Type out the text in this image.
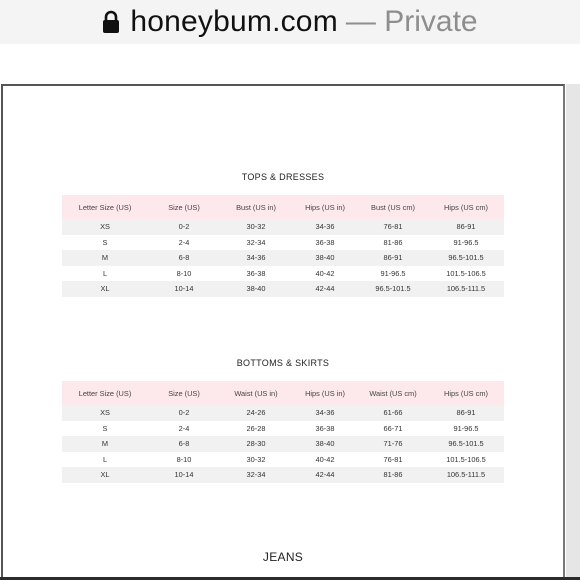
honeybum.com — Private
TOPS & DRESSES
Letter Size (US)	Size (US)	Bust (US in)	Hips (US in)	Bust (US cm)	Hips (US cm)
XS	0-2	30-32	34-36	76-81	86-91
S	2-4	32-34	36-38	81-86	91-96.5
M	6-8	34-36	38-40	86-91	96.5-101.5
L	8-10	36-38	40-42	91-96.5	101.5-106.5
XL	10-14	38-40	42-44	96.5-101.5	106.5-111.5
BOTTOMS & SKIRTS
Letter Size (US)	Size (US)	Waist (US in)	Hips (US in)	Waist (US cm)	Hips (US cm)
XS	0-2	24-26	34-36	61-66	86-91
S	2-4	26-28	36-38	66-71	91-96.5
M	6-8	28-30	38-40	71-76	96.5-101.5
L	8-10	30-32	40-42	76-81	101.5-106.5
XL	10-14	32-34	42-44	81-86	106.5-111.5
JEANS
